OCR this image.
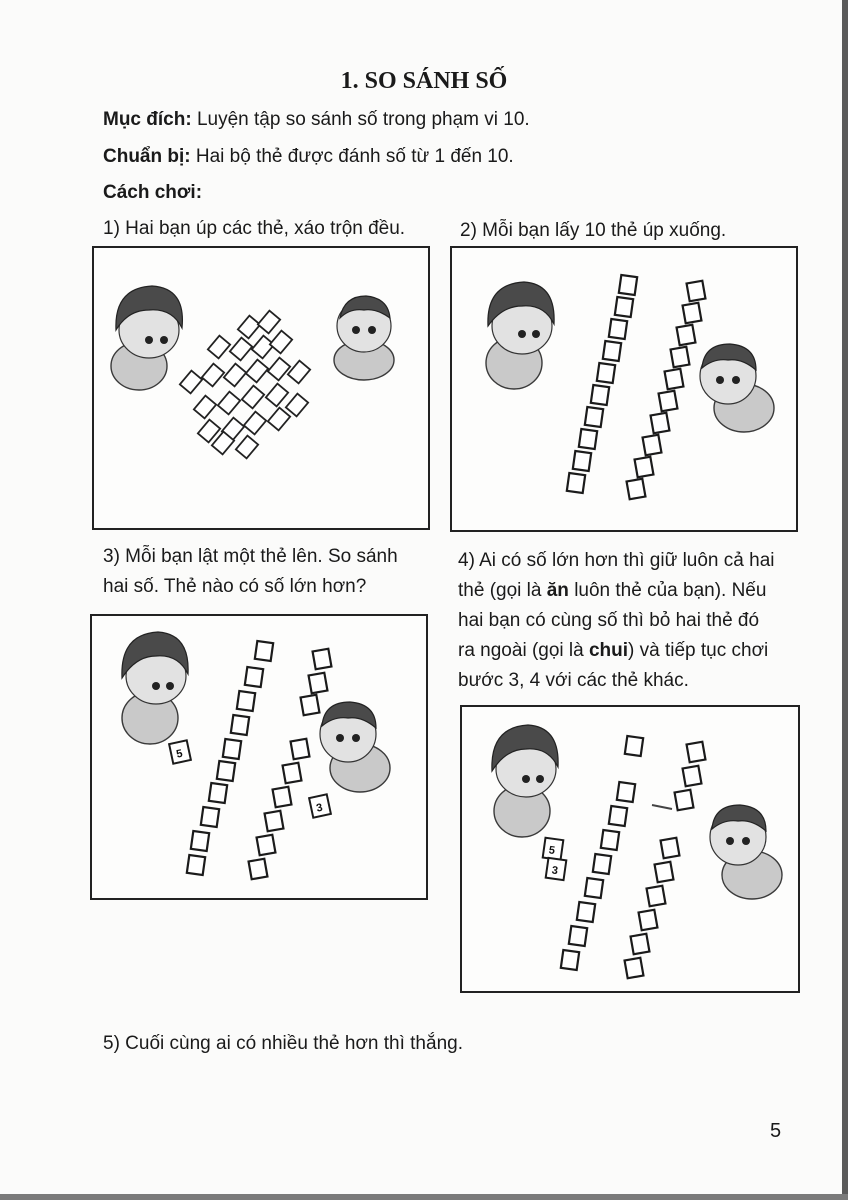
1. SO SÁNH SỐ
Mục đích: Luyện tập so sánh số trong phạm vi 10.
Chuẩn bị: Hai bộ thẻ được đánh số từ 1 đến 10.
Cách chơi:
1) Hai bạn úp các thẻ, xáo trộn đều.	2) Mỗi bạn lấy 10 thẻ úp xuống.
3) Mỗi bạn lật một thẻ lên. So sánh
hai số. Thẻ nào có số lớn hơn?
4) Ai có số lớn hơn thì giữ luôn cả hai
thẻ (gọi là ăn luôn thẻ của bạn). Nếu
hai bạn có cùng số thì bỏ hai thẻ đó
ra ngoài (gọi là chui) và tiếp tục chơi
bước 3, 4 với các thẻ khác.
5
3
5
3
5) Cuối cùng ai có nhiều thẻ hơn thì thắng.
5
